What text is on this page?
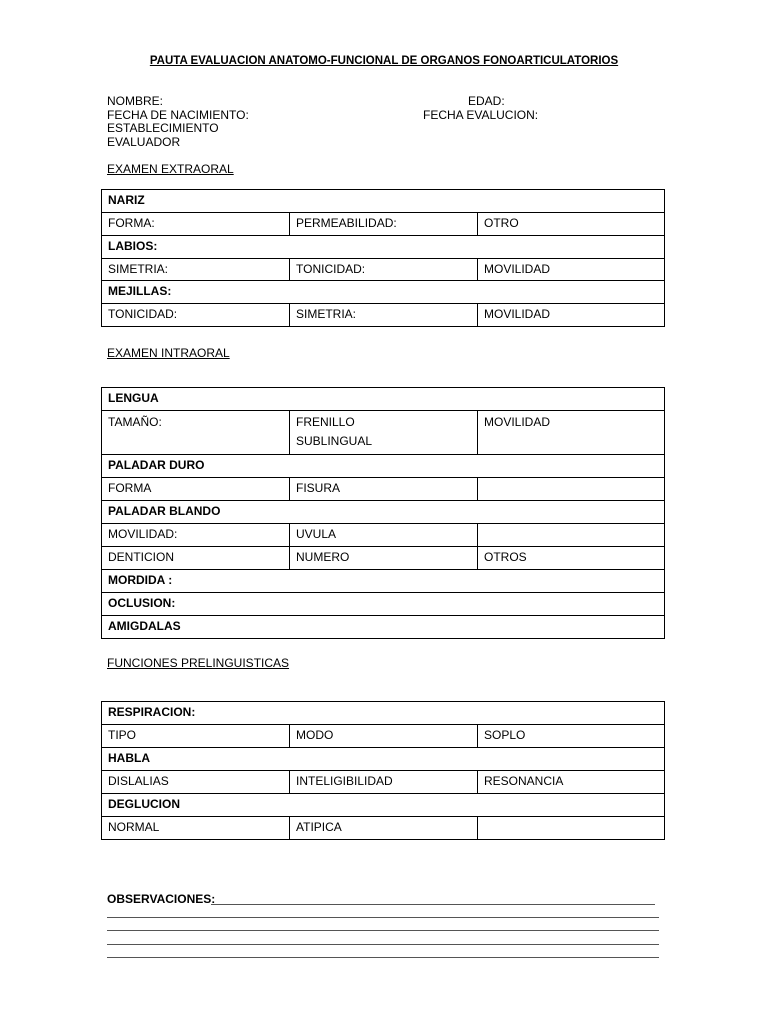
PAUTA EVALUACION ANATOMO-FUNCIONAL DE ORGANOS FONOARTICULATORIOS
NOMBRE:
FECHA DE NACIMIENTO:
ESTABLECIMIENTO
EVALUADOR
EDAD:
FECHA EVALUCION:
EXAMEN EXTRAORAL
NARIZ		
FORMA:	PERMEABILIDAD:	OTRO
LABIOS:		
SIMETRIA:	TONICIDAD:	MOVILIDAD
MEJILLAS:		
TONICIDAD:	SIMETRIA:	MOVILIDAD
EXAMEN INTRAORAL
LENGUA		
TAMAÑO:	FRENILLO SUBLINGUAL	MOVILIDAD
PALADAR DURO		
FORMA	FISURA	
PALADAR BLANDO		
MOVILIDAD:	UVULA	
DENTICION	NUMERO	OTROS
MORDIDA :		
OCLUSION:		
AMIGDALAS		
FUNCIONES PRELINGUISTICAS
RESPIRACION:		
TIPO	MODO	SOPLO
HABLA		
DISLALIAS	INTELIGIBILIDAD	RESONANCIA
DEGLUCION		
NORMAL	ATIPICA	
OBSERVACIONES:
